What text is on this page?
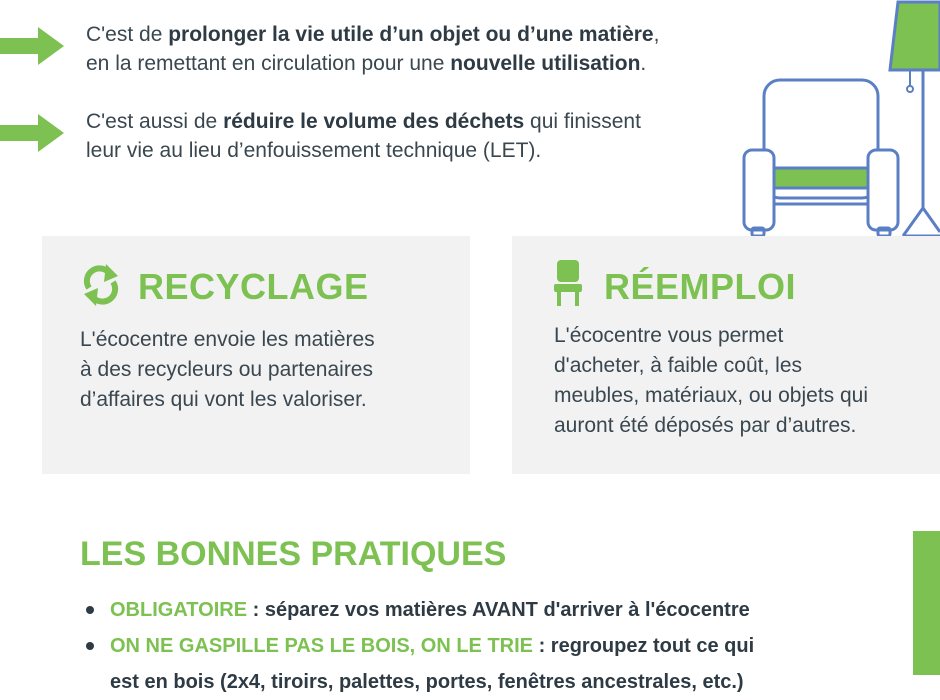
C'est de prolonger la vie utile d’un objet ou d’une matière,
en la remettant en circulation pour une nouvelle utilisation.
C'est aussi de réduire le volume des déchets qui finissent
leur vie au lieu d’enfouissement technique (LET).
RECYCLAGE
L'écocentre envoie les matières
à des recycleurs ou partenaires
d’affaires qui vont les valoriser.
RÉEMPLOI
L'écocentre vous permet
d'acheter, à faible coût, les
meubles, matériaux, ou objets qui
auront été déposés par d’autres.
LES BONNES PRATIQUES
OBLIGATOIRE : séparez vos matières AVANT d'arriver à l'écocentre
ON NE GASPILLE PAS LE BOIS, ON LE TRIE : regroupez tout ce qui
est en bois (2x4, tiroirs, palettes, portes, fenêtres ancestrales, etc.)
